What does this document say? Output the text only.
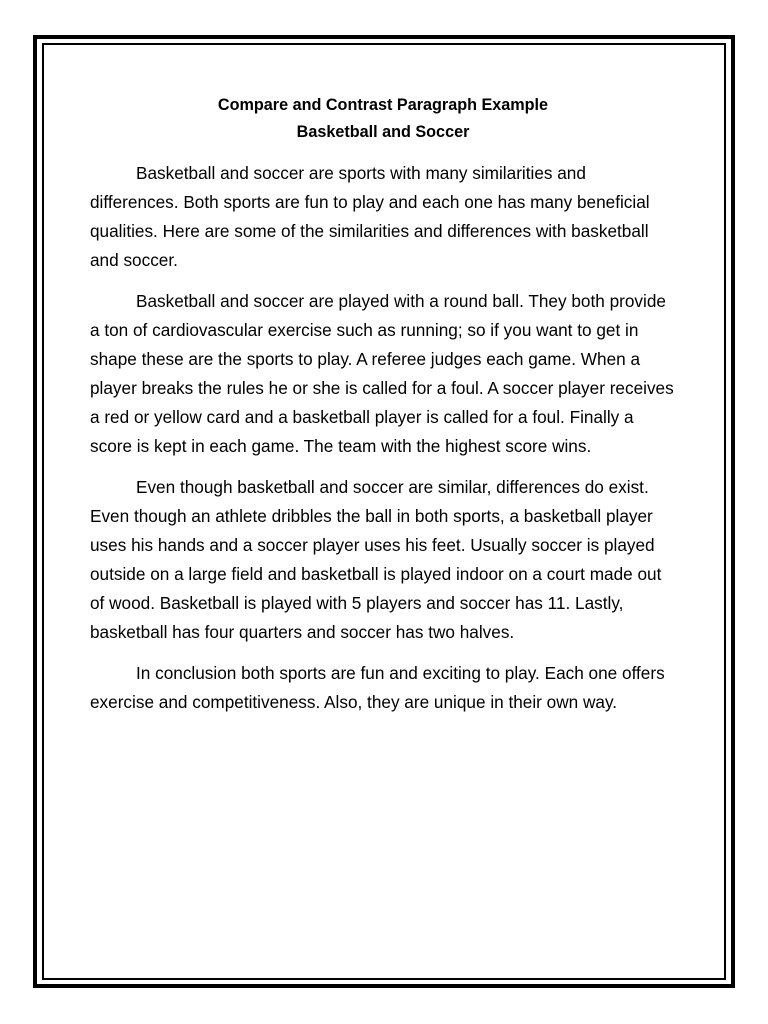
Compare and Contrast Paragraph Example

Basketball and Soccer

Basketball and soccer are sports with many similarities and differences. Both sports are fun to play and each one has many beneficial qualities. Here are some of the similarities and differences with basketball and soccer.

Basketball and soccer are played with a round ball. They both provide a ton of cardiovascular exercise such as running; so if you want to get in shape these are the sports to play. A referee judges each game. When a player breaks the rules he or she is called for a foul. A soccer player receives a red or yellow card and a basketball player is called for a foul. Finally a score is kept in each game. The team with the highest score wins.

Even though basketball and soccer are similar, differences do exist. Even though an athlete dribbles the ball in both sports, a basketball player uses his hands and a soccer player uses his feet. Usually soccer is played outside on a large field and basketball is played indoor on a court made out of wood. Basketball is played with 5 players and soccer has 11. Lastly, basketball has four quarters and soccer has two halves.

In conclusion both sports are fun and exciting to play. Each one offers exercise and competitiveness. Also, they are unique in their own way.
